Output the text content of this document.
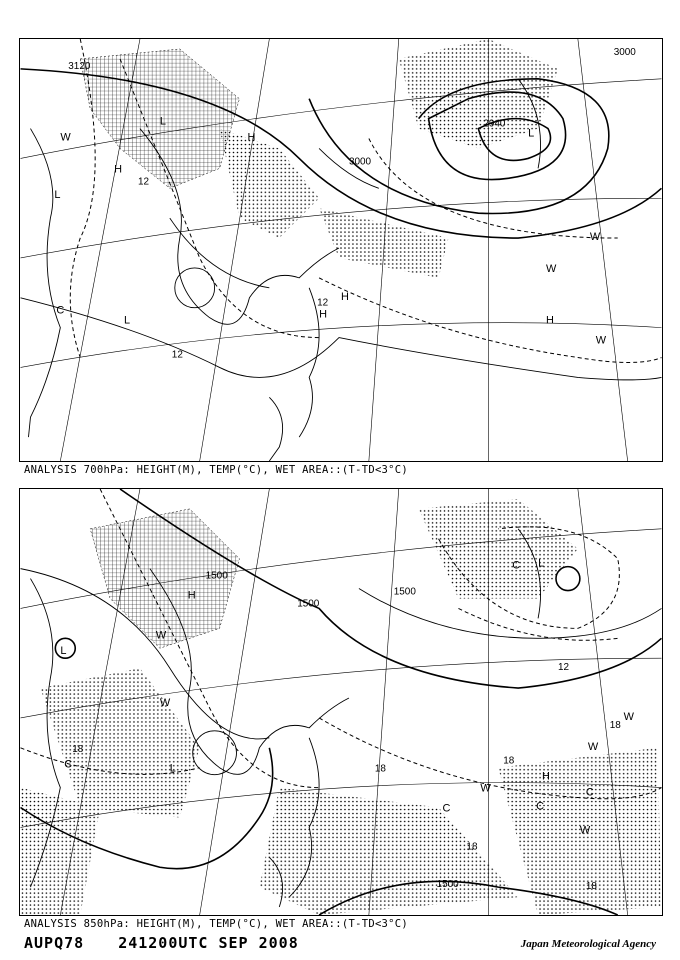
3120
3000
3000
2940
12
12
12
H
H
H
H	H
L
L
L
L
W
W
W
W
C
ANALYSIS 700hPa: HEIGHT(M), TEMP(°C), WET AREA::(T-TD<3°C)
1500
1500
1500
1500
18
18
18
18
12
18
18
H
H
L
L
L
W
W
W
W
W
W
C	C
C
C
C
ANALYSIS 850hPa: HEIGHT(M), TEMP(°C), WET AREA::(T-TD<3°C)
AUPQ78 241200UTC SEP 2008	Japan Meteorological Agency
